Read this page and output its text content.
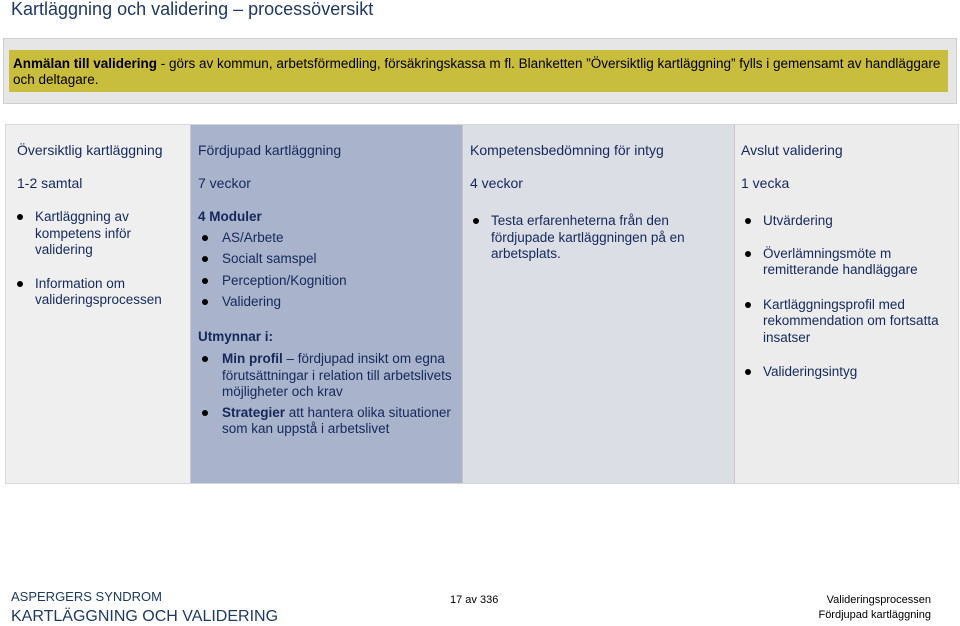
Kartläggning och validering – processöversikt
Anmälan till validering - görs av kommun, arbetsförmedling, försäkringskassa m fl. Blanketten ”Översiktlig kartläggning” fylls i gemensamt av handläggare och deltagare.
Översiktlig kartläggning
1-2 samtal
Kartläggning av kompetens inför validering
Information om valideringsprocessen
Fördjupad kartläggning
7 veckor
4 Moduler
AS/Arbete
Socialt samspel
Perception/Kognition
Validering
Utmynnar i:
Min profil – fördjupad insikt om egna förutsättningar i relation till arbetslivets möjligheter och krav
Strategier att hantera olika situationer som kan uppstå i arbetslivet
Kompetensbedömning för intyg
4 veckor
Testa erfarenheterna från den fördjupade kartläggningen på en arbetsplats.
Avslut validering
1 vecka
Utvärdering
Överlämningsmöte m remitterande handläggare
Kartläggningsprofil med rekommendation om fortsatta insatser
Valideringsintyg
ASPERGERS SYNDROM
KARTLÄGGNING OCH VALIDERING
17 av 336	Valideringsprocessen
Fördjupad kartläggning
